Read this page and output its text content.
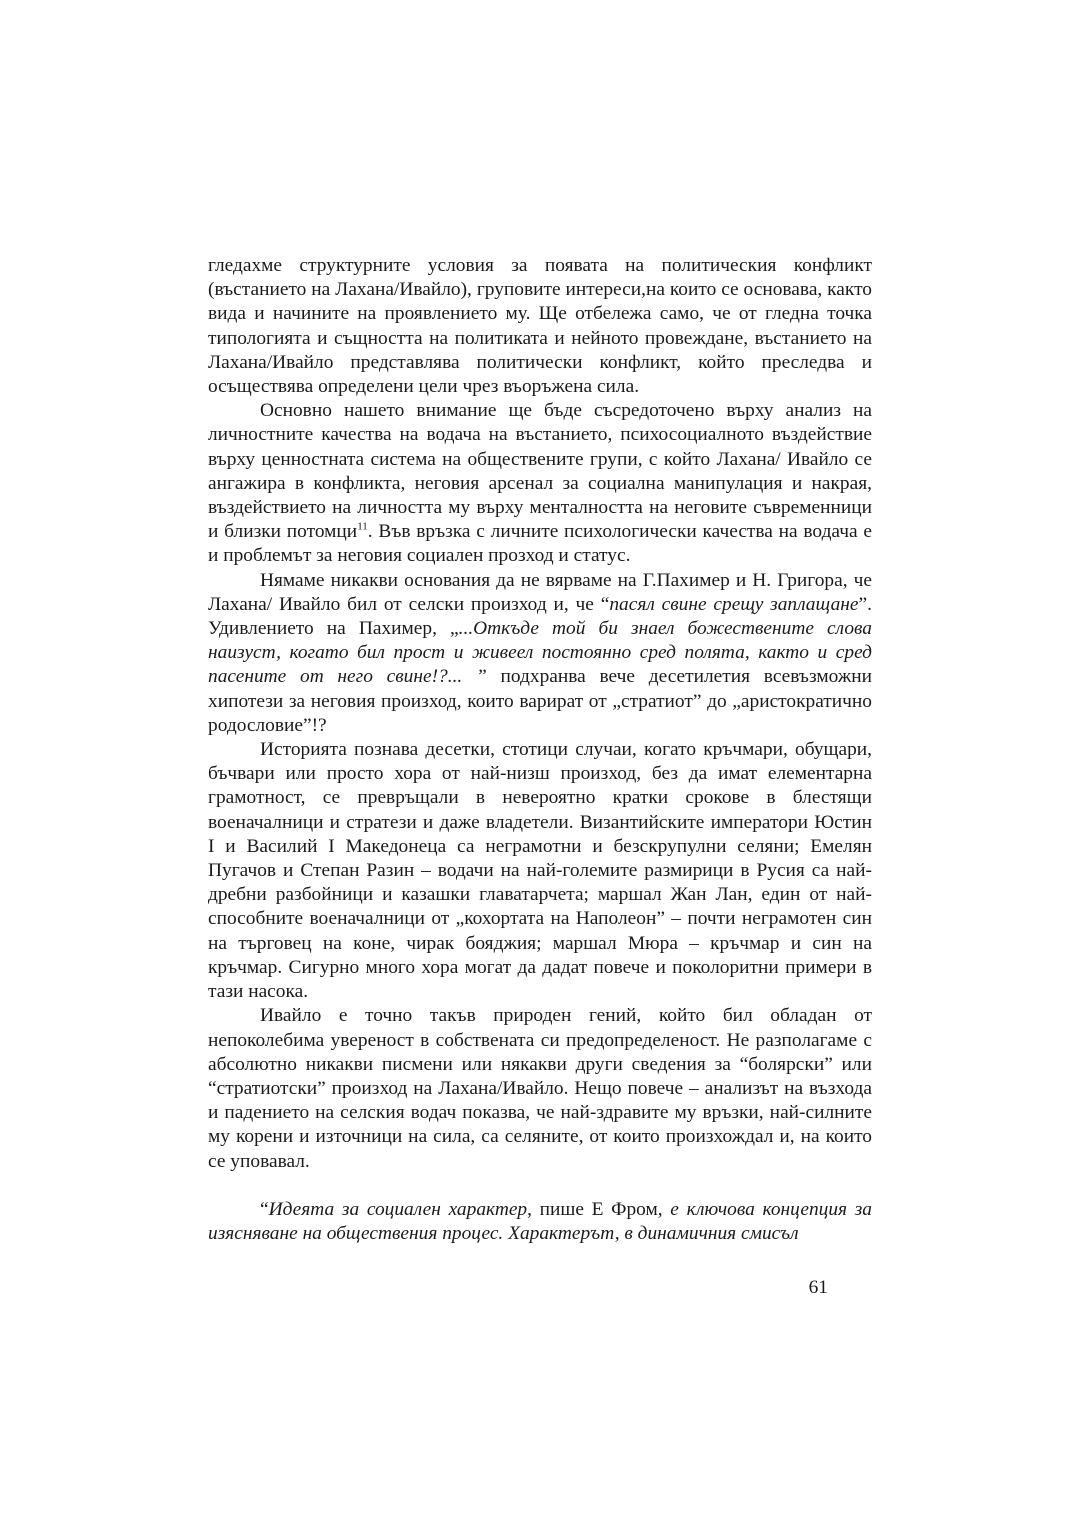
гледахме структурните условия за появата на политическия конфликт (въстанието на Лахана/Ивайло), груповите интереси,на които се основава, както вида и начините на проявлението му. Ще отбележа само, че от гледна точка типологията и същността на политиката и нейното провеждане, въстанието на Лахана/Ивайло представлява политически конфликт, който преследва и осъществява определени цели чрез въоръжена сила.

Основно нашето внимание ще бъде съсредоточено върху анализ на личностните качества на водача на въстанието, психосоциалното въздействие върху ценностната система на обществените групи, с който Лахана/ Ивайло се ангажира в конфликта, неговия арсенал за социална манипулация и накрая, въздействието на личността му върху менталността на неговите съвременници и близки потомци$^{11}$. Във връзка с личните психологически качества на водача е и проблемът за неговия социален прозход и статус.

Нямаме никакви основания да не вярваме на Г.Пахимер и Н. Григора, че Лахана/ Ивайло бил от селски произход и, че “пасял свине срещу заплащане”. Удивлението на Пахимер, „...Откъде той би знаел божествените слова наизуст, когато бил прост и живеел постоянно сред полята, както и сред пасените от него свине!?... ” подхранва вече десетилетия всевъзможни хипотези за неговия произход, които варират от „стратиот” до „аристократично родословие”!?

Историята познава десетки, стотици случаи, когато кръчмари, обущари, бъчвари или просто хора от най-низш произход, без да имат елементарна грамотност, се превръщали в невероятно кратки срокове в блестящи военачалници и стратези и даже владетели. Византийските императори Юстин I и Василий I Македонеца са неграмотни и безскрупулни селяни; Емелян Пугачов и Степан Разин – водачи на най-големите размирици в Русия са най-дребни разбойници и казашки главатарчета; маршал Жан Лан, един от най-способните военачалници от „кохортата на Наполеон” – почти неграмотен син на търговец на коне, чирак бояджия; маршал Мюра – кръчмар и син на кръчмар. Сигурно много хора могат да дадат повече и поколоритни примери в тази насока.

Ивайло е точно такъв природен гений, който бил обладан от непоколебима увереност в собствената си предопределеност. Не разполагаме с абсолютно никакви писмени или някакви други сведения за “болярски” или “стратиотски” произход на Лахана/Ивайло. Нещо повече – анализът на възхода и падението на селския водач показва, че най-здравите му връзки, най-силните му корени и източници на сила, са селяните, от които произхождал и, на които се уповавал.

“Идеята за социален характер, пише Е Фром, е ключова концепция за изясняване на обществения процес. Характерът, в динамичния смисъл

61
